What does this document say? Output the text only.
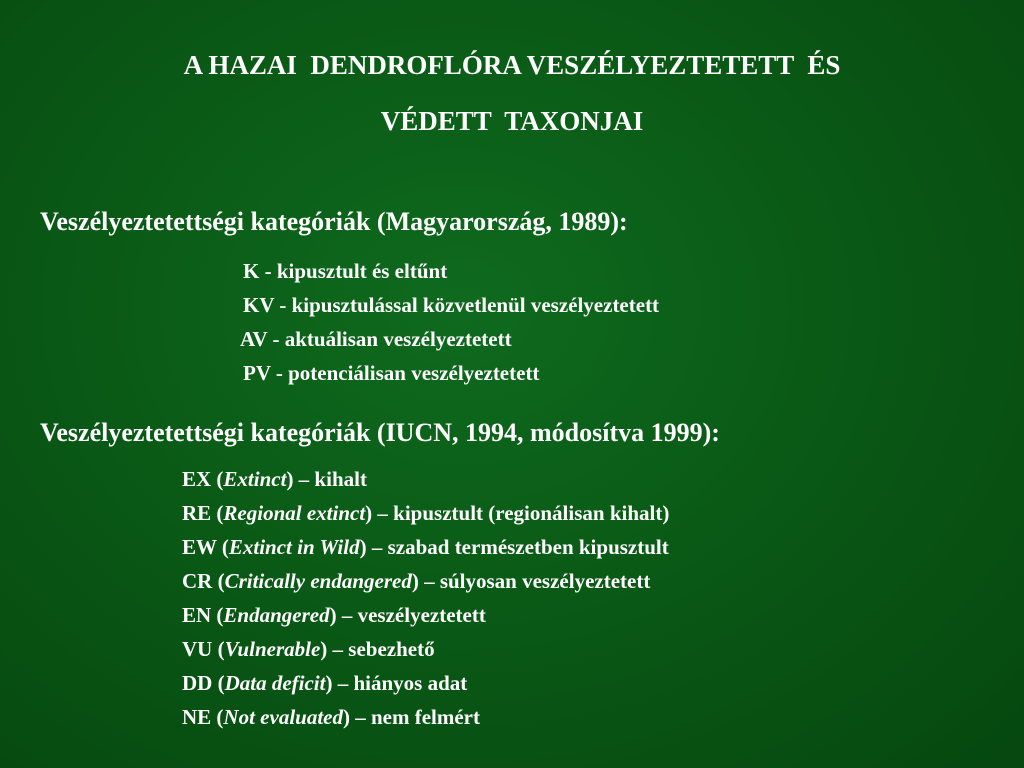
A HAZAI  DENDROFLÓRA VESZÉLYEZTETETT  ÉS
VÉDETT  TAXONJAI
Veszélyeztetettségi kategóriák (Magyarország, 1989):
K - kipusztult és eltűnt
KV - kipusztulással közvetlenül veszélyeztetett
AV - aktuálisan veszélyeztetett
PV - potenciálisan veszélyeztetett
Veszélyeztetettségi kategóriák (IUCN, 1994, módosítva 1999):
EX (Extinct) – kihalt
RE (Regional extinct) – kipusztult (regionálisan kihalt)
EW (Extinct in Wild) – szabad természetben kipusztult
CR (Critically endangered) – súlyosan veszélyeztetett
EN (Endangered) – veszélyeztetett
VU (Vulnerable) – sebezhető
DD (Data deficit) – hiányos adat
NE (Not evaluated) – nem felmért
